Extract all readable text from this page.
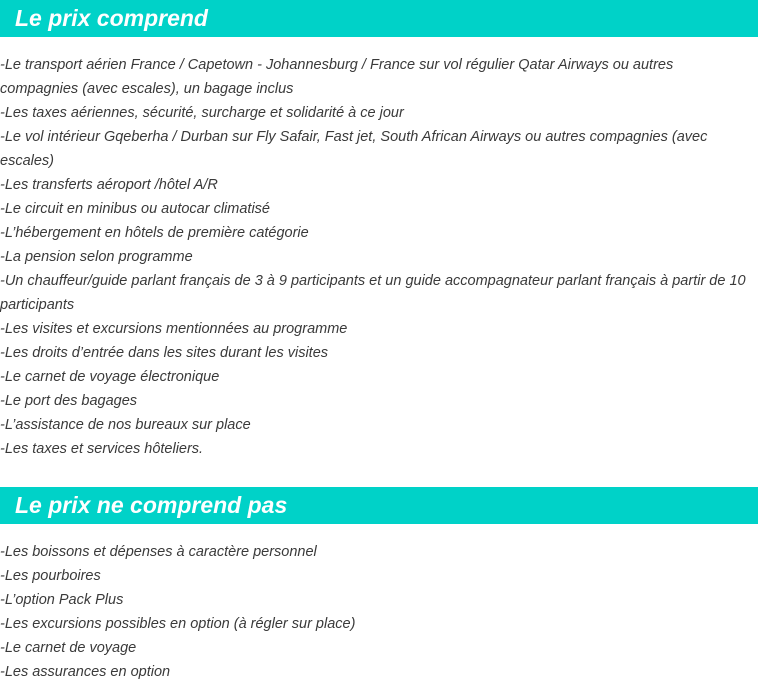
Le prix comprend
-Le transport aérien France / Capetown - Johannesburg / France sur vol régulier Qatar Airways ou autres compagnies (avec escales), un bagage inclus
-Les taxes aériennes, sécurité, surcharge et solidarité à ce jour
-Le vol intérieur Gqeberha / Durban sur Fly Safair, Fast jet, South African Airways ou autres compagnies (avec escales)
-Les transferts aéroport /hôtel A/R
-Le circuit en minibus ou autocar climatisé
-L’hébergement en hôtels de première catégorie
-La pension selon programme
-Un chauffeur/guide parlant français de 3 à 9 participants et un guide accompagnateur parlant français à partir de 10 participants
-Les visites et excursions mentionnées au programme
-Les droits d’entrée dans les sites durant les visites
-Le carnet de voyage électronique
-Le port des bagages
-L’assistance de nos bureaux sur place
-Les taxes et services hôteliers.
Le prix ne comprend pas
-Les boissons et dépenses à caractère personnel
-Les pourboires
-L’option Pack Plus
-Les excursions possibles en option (à régler sur place)
-Le carnet de voyage
-Les assurances en option
